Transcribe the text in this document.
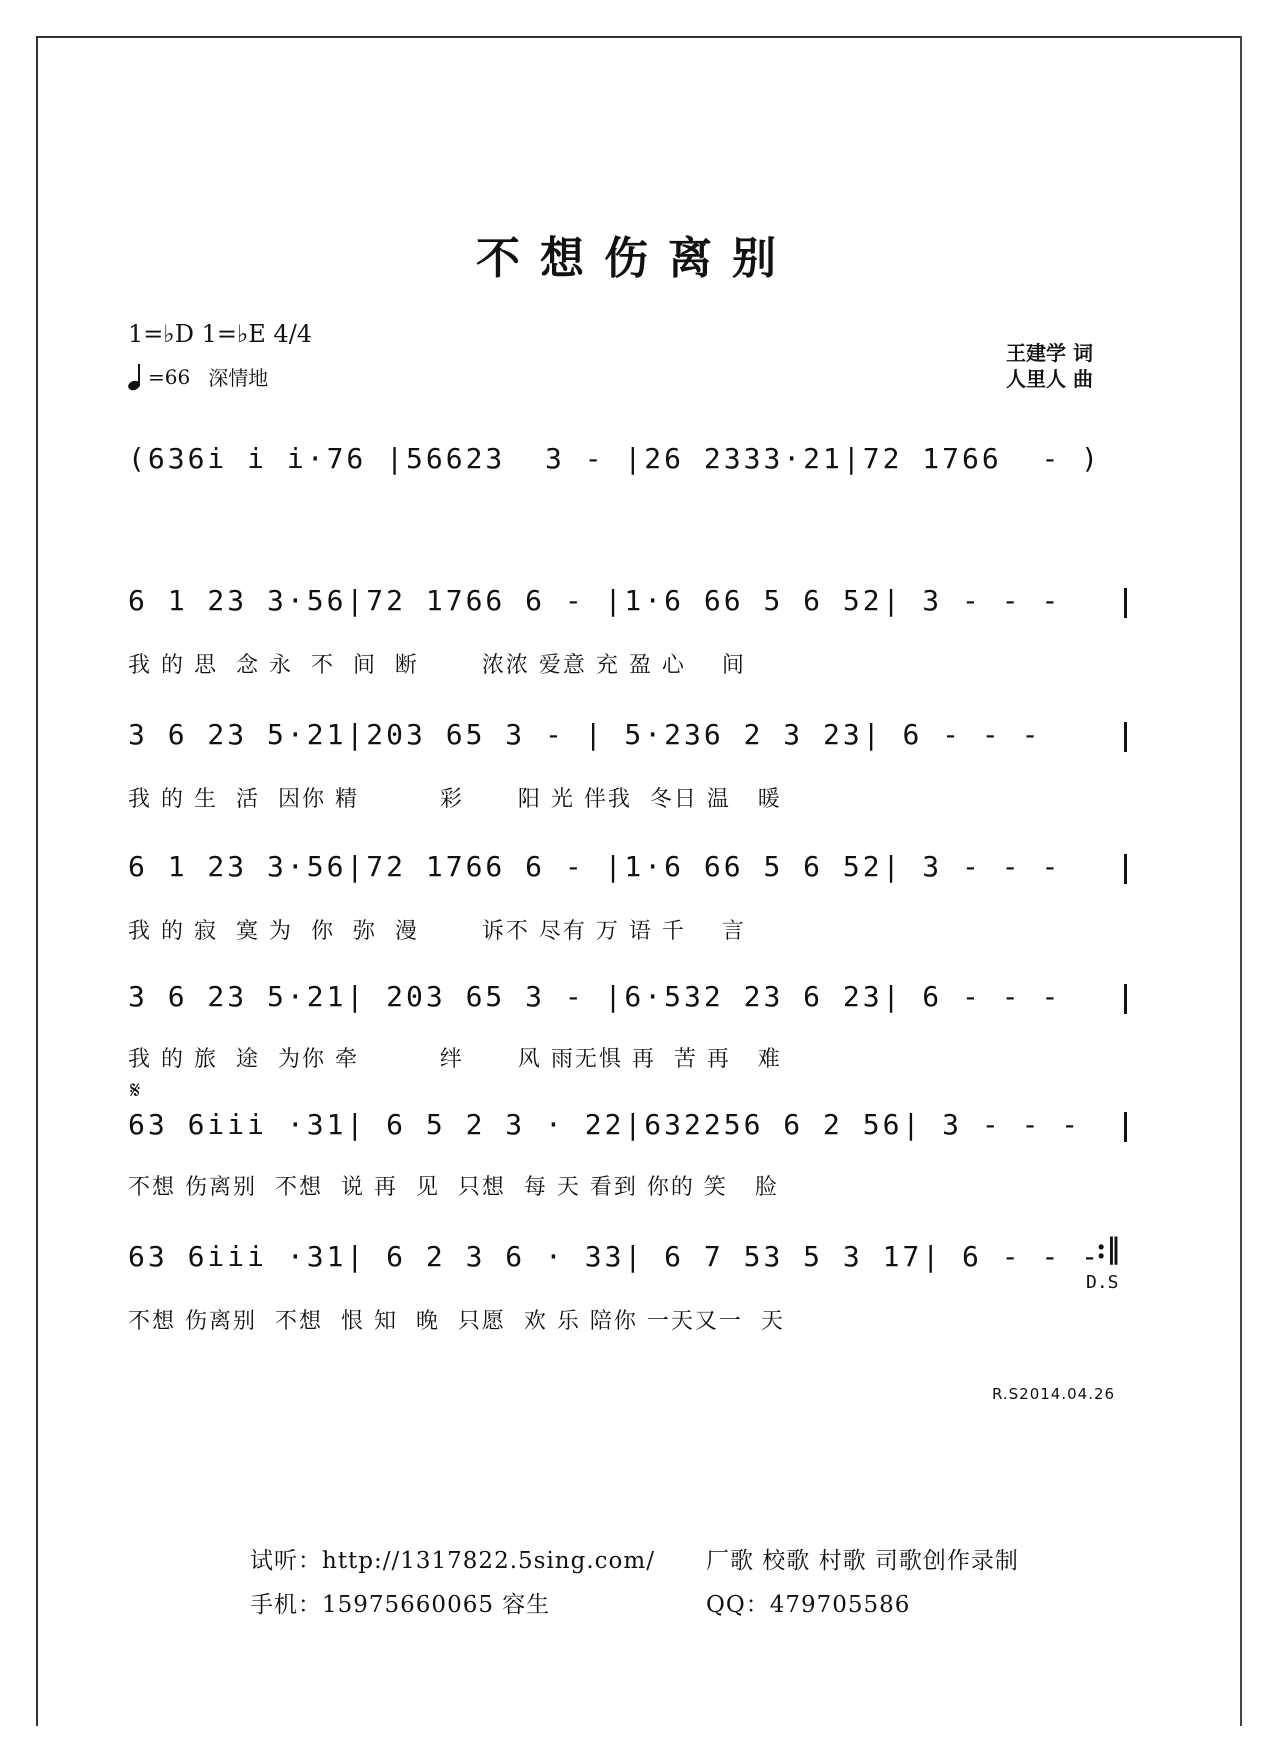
不想伤离别
1=♭D 1=♭E 4/4
=66 深情地
王建学 词
人里人 曲
(636i i i·76 |56623  3 - |26 2333·21|72 1766  - )
6 1 23 3·56|72 1766 6 - |1·6 66 5 6 52| 3 - - -
我 的 思  念 永  不  间  断       浓浓 爱意 充 盈 心    间
3 6 23 5·21|203 65 3 - | 5·236 2 3 23| 6 - - -
我 的 生  活  因你 精         彩      阳 光 伴我  冬日 温   暖
6 1 23 3·56|72 1766 6 - |1·6 66 5 6 52| 3 - - -
我 的 寂  寞 为  你  弥  漫       诉不 尽有 万 语 千    言
3 6 23 5·21| 203 65 3 - |6·532 23 6 23| 6 - - -
我 的 旅  途  为你 牵         绊      风 雨无惧 再  苦 再   难
𝄋
63 6iii ·31| 6 5 2 3 · 22|632256 6 2 56| 3 - - -
不想 伤离别  不想  说 再  见  只想  每 天 看到 你的 笑   脸
63 6iii ·31| 6 2 3 6 · 33| 6 7 53 5 3 17| 6 - - -
:‖
D.S
不想 伤离别  不想  恨 知  晚  只愿  欢 乐 陪你 一天又一  天
R.S2014.04.26
试听：http://1317822.5sing.com/ 厂歌 校歌 村歌 司歌创作录制
手机：15975660065 容生	QQ：479705586
